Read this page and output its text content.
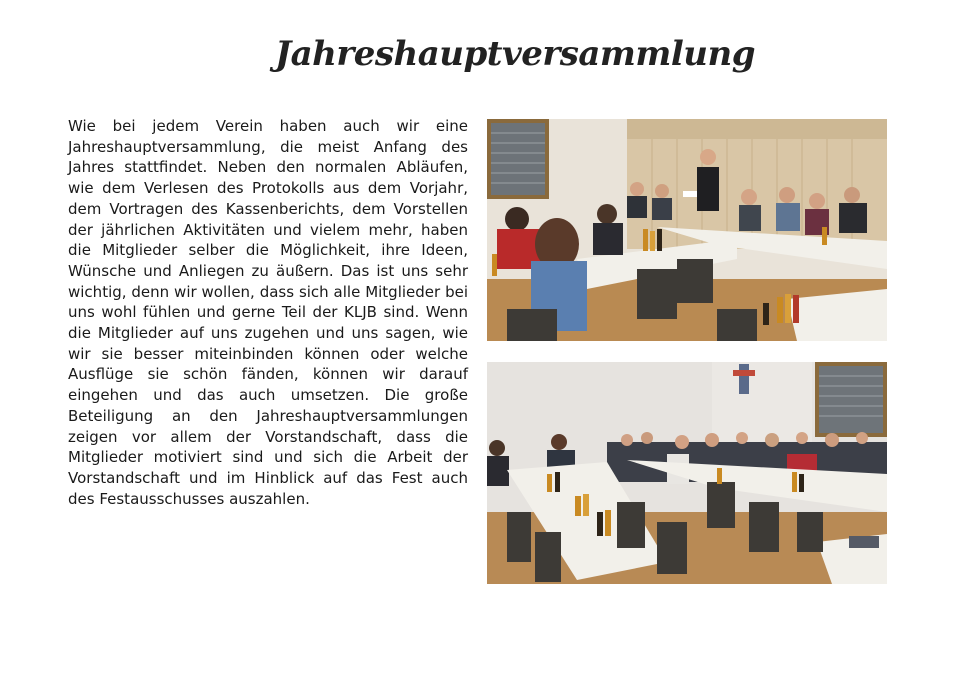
Jahreshauptversammlung
Wie bei jedem Verein haben auch wir eine Jahreshauptversammlung, die meist Anfang des Jahres stattfindet. Neben den normalen Abläufen, wie dem Verlesen des Protokolls aus dem Vorjahr, dem Vortragen des Kassenberichts, dem Vorstellen der jährlichen Aktivitäten und vielem mehr, haben die Mitglieder selber die Möglichkeit, ihre Ideen, Wünsche und Anliegen zu äußern. Das ist uns sehr wichtig, denn wir wollen, dass sich alle Mitglieder bei uns wohl fühlen und gerne Teil der KLJB sind. Wenn die Mitglieder auf uns zugehen und uns sagen, wie wir sie besser miteinbinden können oder welche Ausflüge sie schön fänden, können wir darauf eingehen und das auch umsetzen. Die große Beteiligung an den Jahreshauptversammlungen zeigen vor allem der Vorstandschaft, dass die Mitglieder motiviert sind und sich die Arbeit der Vorstandschaft und im Hinblick auf das Fest auch des Festausschusses auszahlen.
